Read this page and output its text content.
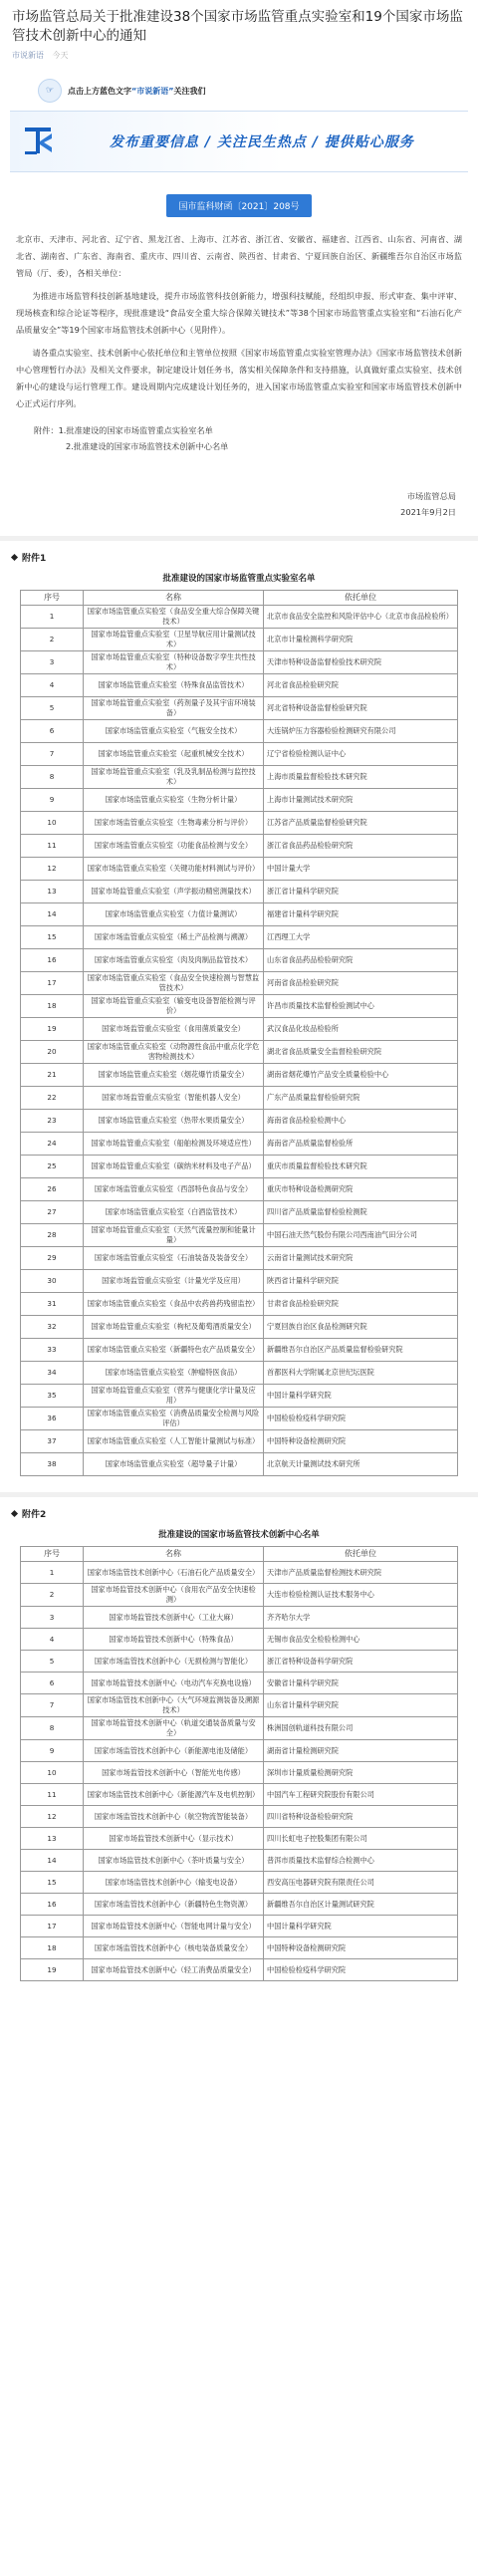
市场监管总局关于批准建设38个国家市场监管重点实验室和19个国家市场监管技术创新中心的通知
市说新语 今天
☞	点击上方蓝色文字“市说新语”关注我们
发布重要信息 / 关注民生热点 / 提供贴心服务
国市监科财函〔2021〕208号

北京市、天津市、河北省、辽宁省、黑龙江省、上海市、江苏省、浙江省、安徽省、福建省、江西省、山东省、河南省、湖北省、湖南省、广东省、海南省、重庆市、四川省、云南省、陕西省、甘肃省、宁夏回族自治区、新疆维吾尔自治区市场监管局（厅、委），各相关单位：

为推进市场监管科技创新基地建设，提升市场监管科技创新能力，增强科技赋能，经组织申报、形式审查、集中评审、现场核查和综合论证等程序，现批准建设“食品安全重大综合保障关键技术”等38个国家市场监管重点实验室和“石油石化产品质量安全”等19个国家市场监管技术创新中心（见附件）。

请各重点实验室、技术创新中心依托单位和主管单位按照《国家市场监管重点实验室管理办法》《国家市场监管技术创新中心管理暂行办法》及相关文件要求，制定建设计划任务书，落实相关保障条件和支持措施，认真做好重点实验室、技术创新中心的建设与运行管理工作。建设周期内完成建设计划任务的，进入国家市场监管重点实验室和国家市场监管技术创新中心正式运行序列。

附件：1.批准建设的国家市场监管重点实验室名单
2.批准建设的国家市场监管技术创新中心名单
市场监管总局
2021年9月2日
附件1
批准建设的国家市场监管重点实验室名单
序号	名称	依托单位
1	国家市场监管重点实验室（食品安全重大综合保障关键技术）	北京市食品安全监控和风险评估中心（北京市食品检验所）
2	国家市场监管重点实验室（卫星导航应用计量测试技术）	北京市计量检测科学研究院
3	国家市场监管重点实验室（特种设备数字孪生共性技术）	天津市特种设备监督检验技术研究院
4	国家市场监管重点实验室（特殊食品监管技术）	河北省食品检验研究院
5	国家市场监管重点实验室（药剂量子及其宇宙环境装备）	河北省特种设备监督检验研究院
6	国家市场监管重点实验室（气瓶安全技术）	大连锅炉压力容器检验检测研究有限公司
7	国家市场监管重点实验室（起重机械安全技术）	辽宁省检验检测认证中心
8	国家市场监管重点实验室（乳及乳制品检测与监控技术）	上海市质量监督检验技术研究院
9	国家市场监管重点实验室（生物分析计量）	上海市计量测试技术研究院
10	国家市场监管重点实验室（生物毒素分析与评价）	江苏省产品质量监督检验研究院
11	国家市场监管重点实验室（功能食品检测与安全）	浙江省食品药品检验研究院
12	国家市场监管重点实验室（关键功能材料测试与评价）	中国计量大学
13	国家市场监管重点实验室（声学振动精密测量技术）	浙江省计量科学研究院
14	国家市场监管重点实验室（力值计量测试）	福建省计量科学研究院
15	国家市场监管重点实验室（稀土产品检测与溯源）	江西理工大学
16	国家市场监管重点实验室（肉及肉制品监管技术）	山东省食品药品检验研究院
17	国家市场监管重点实验室（食品安全快速检测与智慧监管技术）	河南省食品检验研究院
18	国家市场监管重点实验室（输变电设备智能检测与评价）	许昌市质量技术监督检验测试中心
19	国家市场监管重点实验室（食用菌质量安全）	武汉食品化妆品检验所
20	国家市场监管重点实验室（动物源性食品中重点化学危害物检测技术）	湖北省食品质量安全监督检验研究院
21	国家市场监管重点实验室（烟花爆竹质量安全）	湖南省烟花爆竹产品安全质量检验中心
22	国家市场监管重点实验室（智能机器人安全）	广东产品质量监督检验研究院
23	国家市场监管重点实验室（热带水果质量安全）	海南省食品检验检测中心
24	国家市场监管重点实验室（船舶检测及环境适应性）	海南省产品质量监督检验所
25	国家市场监管重点实验室（碳纳米材料及电子产品）	重庆市质量监督检验技术研究院
26	国家市场监管重点实验室（西部特色食品与安全）	重庆市特种设备检测研究院
27	国家市场监管重点实验室（白酒监管技术）	四川省产品质量监督检验检测院
28	国家市场监管重点实验室（天然气流量控制和能量计量）	中国石油天然气股份有限公司西南油气田分公司
29	国家市场监管重点实验室（石油装备及装备安全）	云南省计量测试技术研究院
30	国家市场监管重点实验室（计量光学及应用）	陕西省计量科学研究院
31	国家市场监管重点实验室（食品中农药兽药残留监控）	甘肃省食品检验研究院
32	国家市场监管重点实验室（枸杞及葡萄酒质量安全）	宁夏回族自治区食品检测研究院
33	国家市场监管重点实验室（新疆特色农产品质量安全）	新疆维吾尔自治区产品质量监督检验研究院
34	国家市场监管重点实验室（肿瘤特医食品）	首都医科大学附属北京世纪坛医院
35	国家市场监管重点实验室（营养与健康化学计量及应用）	中国计量科学研究院
36	国家市场监管重点实验室（消费品质量安全检测与风险评估）	中国检验检疫科学研究院
37	国家市场监管重点实验室（人工智能计量测试与标准）	中国特种设备检测研究院
38	国家市场监管重点实验室（超导量子计量）	北京航天计量测试技术研究所
附件2
批准建设的国家市场监管技术创新中心名单
序号	名称	依托单位
1	国家市场监管技术创新中心（石油石化产品质量安全）	天津市产品质量监督检测技术研究院
2	国家市场监管技术创新中心（食用农产品安全快速检测）	大连市检验检测认证技术服务中心
3	国家市场监管技术创新中心（工业大麻）	齐齐哈尔大学
4	国家市场监管技术创新中心（特殊食品）	无锡市食品安全检验检测中心
5	国家市场监管技术创新中心（无损检测与智能化）	浙江省特种设备科学研究院
6	国家市场监管技术创新中心（电动汽车充换电设施）	安徽省计量科学研究院
7	国家市场监管技术创新中心（大气环境监测装备及溯源技术）	山东省计量科学研究院
8	国家市场监管技术创新中心（轨道交通装备质量与安全）	株洲国创轨道科技有限公司
9	国家市场监管技术创新中心（新能源电池及储能）	湖南省计量检测研究院
10	国家市场监管技术创新中心（智能光电传感）	深圳市计量质量检测研究院
11	国家市场监管技术创新中心（新能源汽车及电机控制）	中国汽车工程研究院股份有限公司
12	国家市场监管技术创新中心（航空物流智能装备）	四川省特种设备检验研究院
13	国家市场监管技术创新中心（显示技术）	四川长虹电子控股集团有限公司
14	国家市场监管技术创新中心（茶叶质量与安全）	普洱市质量技术监督综合检测中心
15	国家市场监管技术创新中心（输变电设备）	西安高压电器研究院有限责任公司
16	国家市场监管技术创新中心（新疆特色生物资源）	新疆维吾尔自治区计量测试研究院
17	国家市场监管技术创新中心（智能电网计量与安全）	中国计量科学研究院
18	国家市场监管技术创新中心（核电装备质量安全）	中国特种设备检测研究院
19	国家市场监管技术创新中心（轻工消费品质量安全）	中国检验检疫科学研究院
